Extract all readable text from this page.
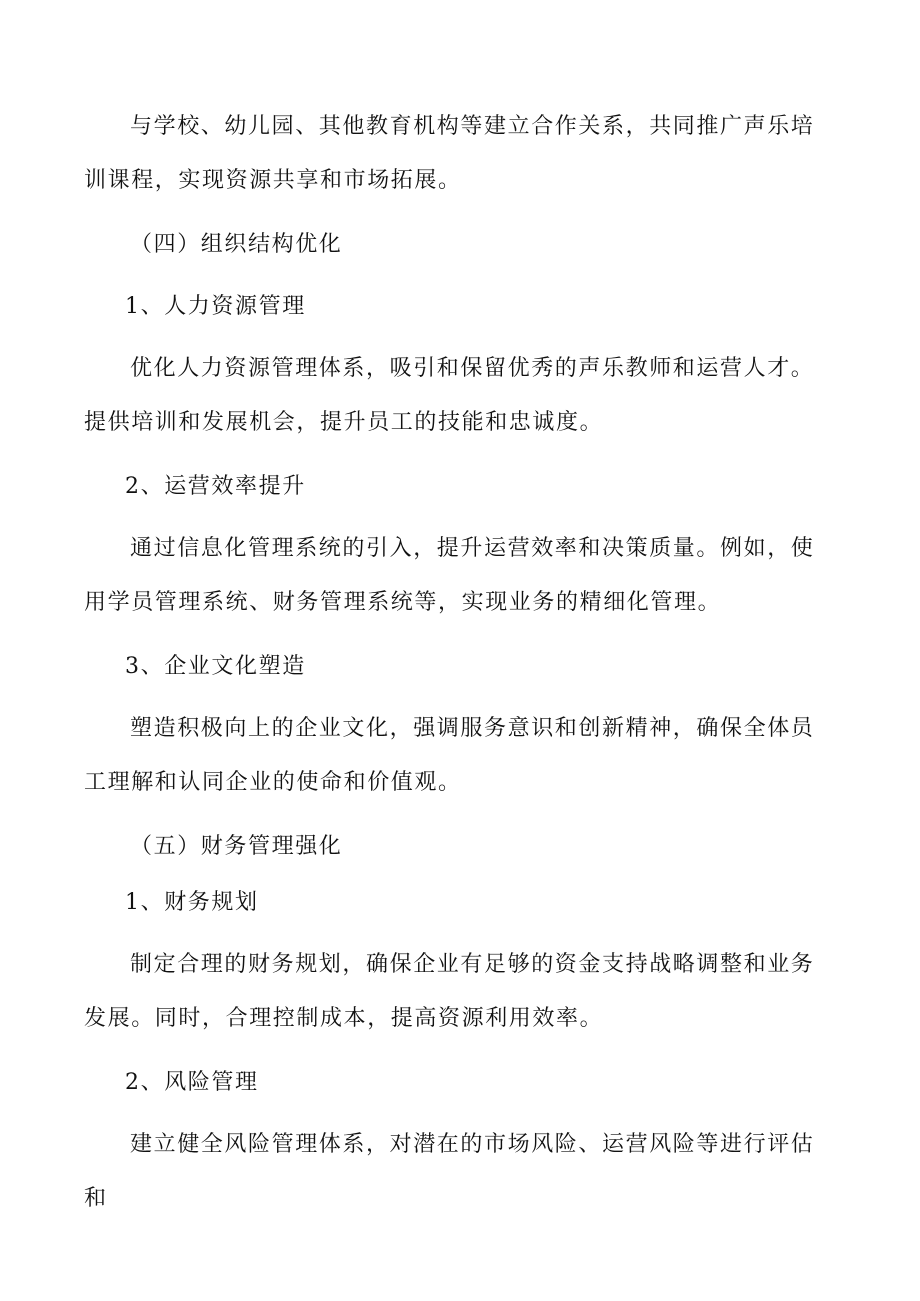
与学校、幼儿园、其他教育机构等建立合作关系，共同推广声乐培训课程，实现资源共享和市场拓展。

（四）组织结构优化

1、人力资源管理

优化人力资源管理体系，吸引和保留优秀的声乐教师和运营人才。提供培训和发展机会，提升员工的技能和忠诚度。

2、运营效率提升

通过信息化管理系统的引入，提升运营效率和决策质量。例如，使用学员管理系统、财务管理系统等，实现业务的精细化管理。

3、企业文化塑造

塑造积极向上的企业文化，强调服务意识和创新精神，确保全体员工理解和认同企业的使命和价值观。

（五）财务管理强化

1、财务规划

制定合理的财务规划，确保企业有足够的资金支持战略调整和业务发展。同时，合理控制成本，提高资源利用效率。

2、风险管理

建立健全风险管理体系，对潜在的市场风险、运营风险等进行评估和
